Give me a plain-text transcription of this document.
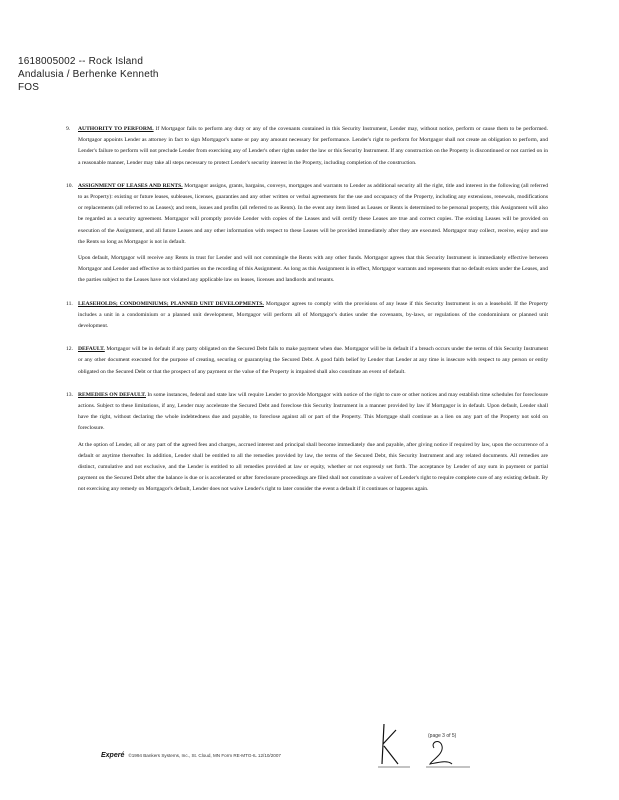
1618005002 -- Rock Island
Andalusia / Berhenke Kenneth
FOS
9. AUTHORITY TO PERFORM. If Mortgagor fails to perform any duty or any of the covenants contained in this Security Instrument, Lender may, without notice, perform or cause them to be performed. Mortgagor appoints Lender as attorney in fact to sign Mortgagor's name or pay any amount necessary for performance. Lender's right to perform for Mortgagor shall not create an obligation to perform, and Lender's failure to perform will not preclude Lender from exercising any of Lender's other rights under the law or this Security Instrument. If any construction on the Property is discontinued or not carried on in a reasonable manner, Lender may take all steps necessary to protect Lender's security interest in the Property, including completion of the construction.
10. ASSIGNMENT OF LEASES AND RENTS. Mortgagor assigns, grants, bargains, conveys, mortgages and warrants to Lender as additional security all the right, title and interest in the following (all referred to as Property): existing or future leases, subleases, licenses, guaranties and any other written or verbal agreements for the use and occupancy of the Property, including any extensions, renewals, modifications or replacements (all referred to as Leases); and rents, issues and profits (all referred to as Rents). In the event any item listed as Leases or Rents is determined to be personal property, this Assignment will also be regarded as a security agreement. Mortgagor will promptly provide Lender with copies of the Leases and will certify these Leases are true and correct copies. The existing Leases will be provided on execution of the Assignment, and all future Leases and any other information with respect to these Leases will be provided immediately after they are executed. Mortgagor may collect, receive, enjoy and use the Rents so long as Mortgagor is not in default.
Upon default, Mortgagor will receive any Rents in trust for Lender and will not commingle the Rents with any other funds. Mortgagor agrees that this Security Instrument is immediately effective between Mortgagor and Lender and effective as to third parties on the recording of this Assignment. As long as this Assignment is in effect, Mortgagor warrants and represents that no default exists under the Leases, and the parties subject to the Leases have not violated any applicable law on leases, licenses and landlords and tenants.
11. LEASEHOLDS; CONDOMINIUMS; PLANNED UNIT DEVELOPMENTS. Mortgagor agrees to comply with the provisions of any lease if this Security Instrument is on a leasehold. If the Property includes a unit in a condominium or a planned unit development, Mortgagor will perform all of Mortgagor's duties under the covenants, by-laws, or regulations of the condominium or planned unit development.
12. DEFAULT. Mortgagor will be in default if any party obligated on the Secured Debt fails to make payment when due. Mortgagor will be in default if a breach occurs under the terms of this Security Instrument or any other document executed for the purpose of creating, securing or guarantying the Secured Debt. A good faith belief by Lender that Lender at any time is insecure with respect to any person or entity obligated on the Secured Debt or that the prospect of any payment or the value of the Property is impaired shall also constitute an event of default.
13. REMEDIES ON DEFAULT. In some instances, federal and state law will require Lender to provide Mortgagor with notice of the right to cure or other notices and may establish time schedules for foreclosure actions. Subject to these limitations, if any, Lender may accelerate the Secured Debt and foreclose this Security Instrument in a manner provided by law if Mortgagor is in default. Upon default, Lender shall have the right, without declaring the whole indebtedness due and payable, to foreclose against all or part of the Property. This Mortgage shall continue as a lien on any part of the Property not sold on foreclosure.
At the option of Lender, all or any part of the agreed fees and charges, accrued interest and principal shall become immediately due and payable, after giving notice if required by law, upon the occurrence of a default or anytime thereafter. In addition, Lender shall be entitled to all the remedies provided by law, the terms of the Secured Debt, this Security Instrument and any related documents. All remedies are distinct, cumulative and not exclusive, and the Lender is entitled to all remedies provided at law or equity, whether or not expressly set forth. The acceptance by Lender of any sum in payment or partial payment on the Secured Debt after the balance is due or is accelerated or after foreclosure proceedings are filed shall not constitute a waiver of Lender's right to require complete cure of any existing default. By not exercising any remedy on Mortgagor's default, Lender does not waive Lender's right to later consider the event a default if it continues or happens again.
(page 3 of 5)
Experé ©1994 Bankers Systems, Inc., St. Cloud, MN Form RE-MTG-IL 12/10/2007
